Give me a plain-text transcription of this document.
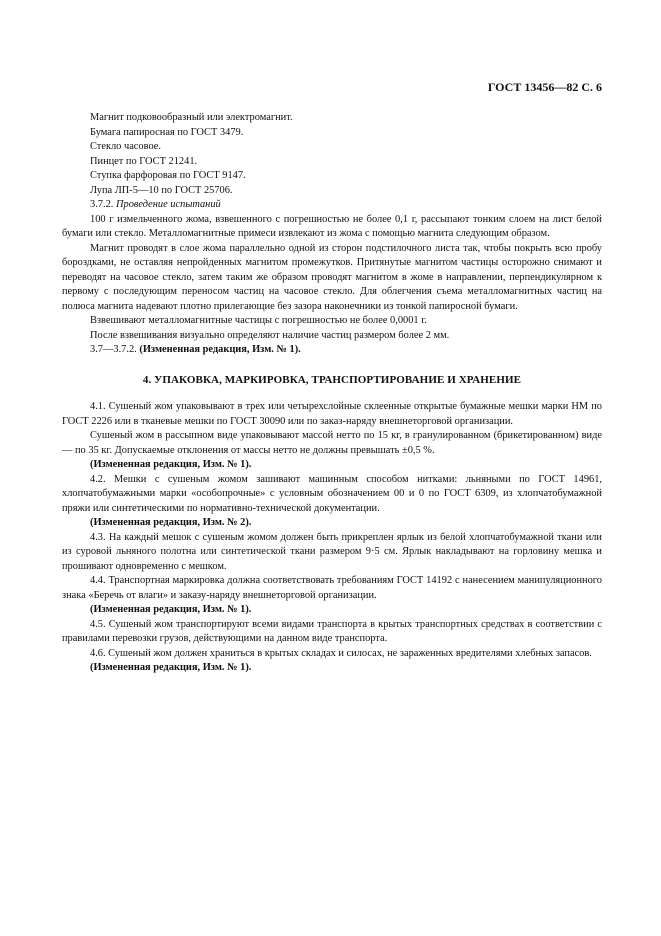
ГОСТ 13456—82 С. 6
Магнит подковообразный или электромагнит.
Бумага папиросная по ГОСТ 3479.
Стекло часовое.
Пинцет по ГОСТ 21241.
Ступка фарфоровая по ГОСТ 9147.
Лупа ЛП-5—10 по ГОСТ 25706.
3.7.2. Проведение испытаний

100 г измельченного жома, взвешенного с погрешностью не более 0,1 г, рассыпают тонким слоем на лист белой бумаги или стекло. Металломагнитные примеси извлекают из жома с помощью магнита следующим образом.

Магнит проводят в слое жома параллельно одной из сторон подстилочного листа так, чтобы покрыть всю пробу бороздками, не оставляя непройденных магнитом промежутков. Притянутые магнитом частицы осторожно снимают и переводят на часовое стекло, затем таким же образом проводят магнитом в жоме в направлении, перпендикулярном к первому с последующим переносом частиц на часовое стекло. Для облегчения съема металломагнитных частиц на полюса магнита надевают плотно прилегающие без зазора наконечники из тонкой папиросной бумаги.

Взвешивают металломагнитные частицы с погрешностью не более 0,0001 г.

После взвешивания визуально определяют наличие частиц размером более 2 мм.

3.7—3.7.2. (Измененная редакция, Изм. № 1).

4. УПАКОВКА, МАРКИРОВКА, ТРАНСПОРТИРОВАНИЕ И ХРАНЕНИЕ

4.1. Сушеный жом упаковывают в трех или четырехслойные склеенные открытые бумажные мешки марки НМ по ГОСТ 2226 или в тканевые мешки по ГОСТ 30090 или по заказ-наряду внешнеторговой организации.

Сушеный жом в рассыпном виде упаковывают массой нетто по 15 кг, в гранулированном (брикетированном) виде — по 35 кг. Допускаемые отклонения от массы нетто не должны превышать ±0,5 %.

(Измененная редакция, Изм. № 1).

4.2. Мешки с сушеным жомом зашивают машинным способом нитками: льняными по ГОСТ 14961, хлопчатобумажными марки «особопрочные» с условным обозначением 00 и 0 по ГОСТ 6309, из хлопчатобумажной пряжи или синтетическими по нормативно-технической документации.

(Измененная редакция, Изм. № 2).

4.3. На каждый мешок с сушеным жомом должен быть прикреплен ярлык из белой хлопчатобумажной ткани или из суровой льняного полотна или синтетической ткани размером 9·5 см. Ярлык накладывают на горловину мешка и прошивают одновременно с мешком.

4.4. Транспортная маркировка должна соответствовать требованиям ГОСТ 14192 с нанесением манипуляционного знака «Беречь от влаги» и заказу-наряду внешнеторговой организации.

(Измененная редакция, Изм. № 1).

4.5. Сушеный жом транспортируют всеми видами транспорта в крытых транспортных средствах в соответствии с правилами перевозки грузов, действующими на данном виде транспорта.

4.6. Сушеный жом должен храниться в крытых складах и силосах, не зараженных вредителями хлебных запасов.

(Измененная редакция, Изм. № 1).
